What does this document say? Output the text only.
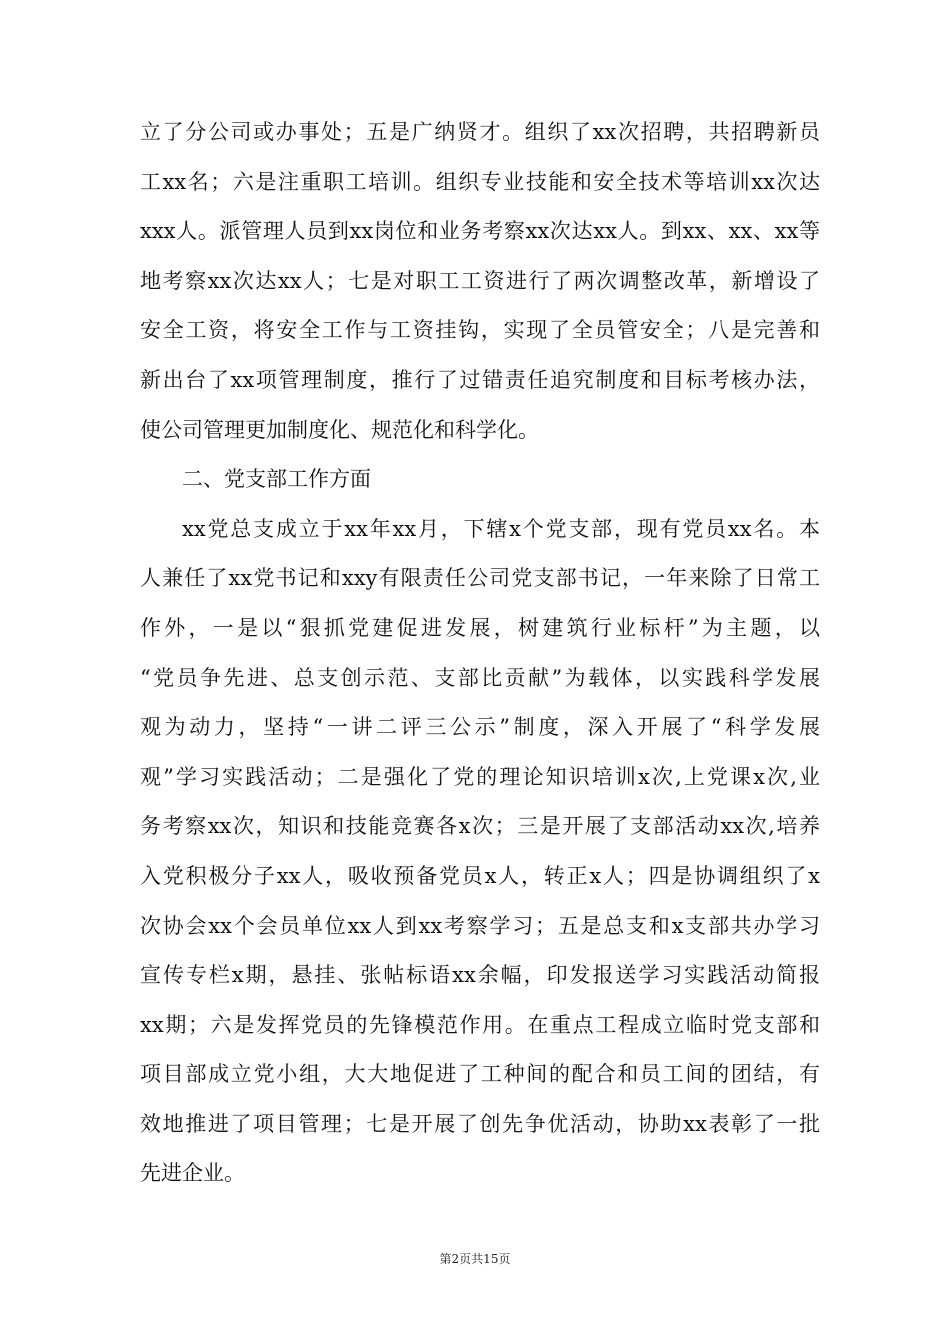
立了分公司或办事处；五是广纳贤才。组织了xx次招聘，共招聘新员
工xx名；六是注重职工培训。组织专业技能和安全技术等培训xx次达
xxx人。派管理人员到xx岗位和业务考察xx次达xx人。到xx、xx、xx等
地考察xx次达xx人；七是对职工工资进行了两次调整改革，新增设了
安全工资，将安全工作与工资挂钩，实现了全员管安全；八是完善和
新出台了xx项管理制度，推行了过错责任追究制度和目标考核办法，
使公司管理更加制度化、规范化和科学化。
二、党支部工作方面
xx党总支成立于xx年xx月，下辖x个党支部，现有党员xx名。本
人兼任了xx党书记和xxy有限责任公司党支部书记，一年来除了日常工
作外，一是以“狠抓党建促进发展，树建筑行业标杆”为主题，以
“党员争先进、总支创示范、支部比贡献”为载体，以实践科学发展
观为动力，坚持“一讲二评三公示”制度，深入开展了“科学发展
观”学习实践活动；二是强化了党的理论知识培训x次,上党课x次,业
务考察xx次，知识和技能竞赛各x次；三是开展了支部活动xx次,培养
入党积极分子xx人，吸收预备党员x人，转正x人；四是协调组织了x
次协会xx个会员单位xx人到xx考察学习；五是总支和x支部共办学习
宣传专栏x期，悬挂、张帖标语xx余幅，印发报送学习实践活动简报
xx期；六是发挥党员的先锋模范作用。在重点工程成立临时党支部和
项目部成立党小组，大大地促进了工种间的配合和员工间的团结，有
效地推进了项目管理；七是开展了创先争优活动，协助xx表彰了一批
先进企业。
第2页共15页
